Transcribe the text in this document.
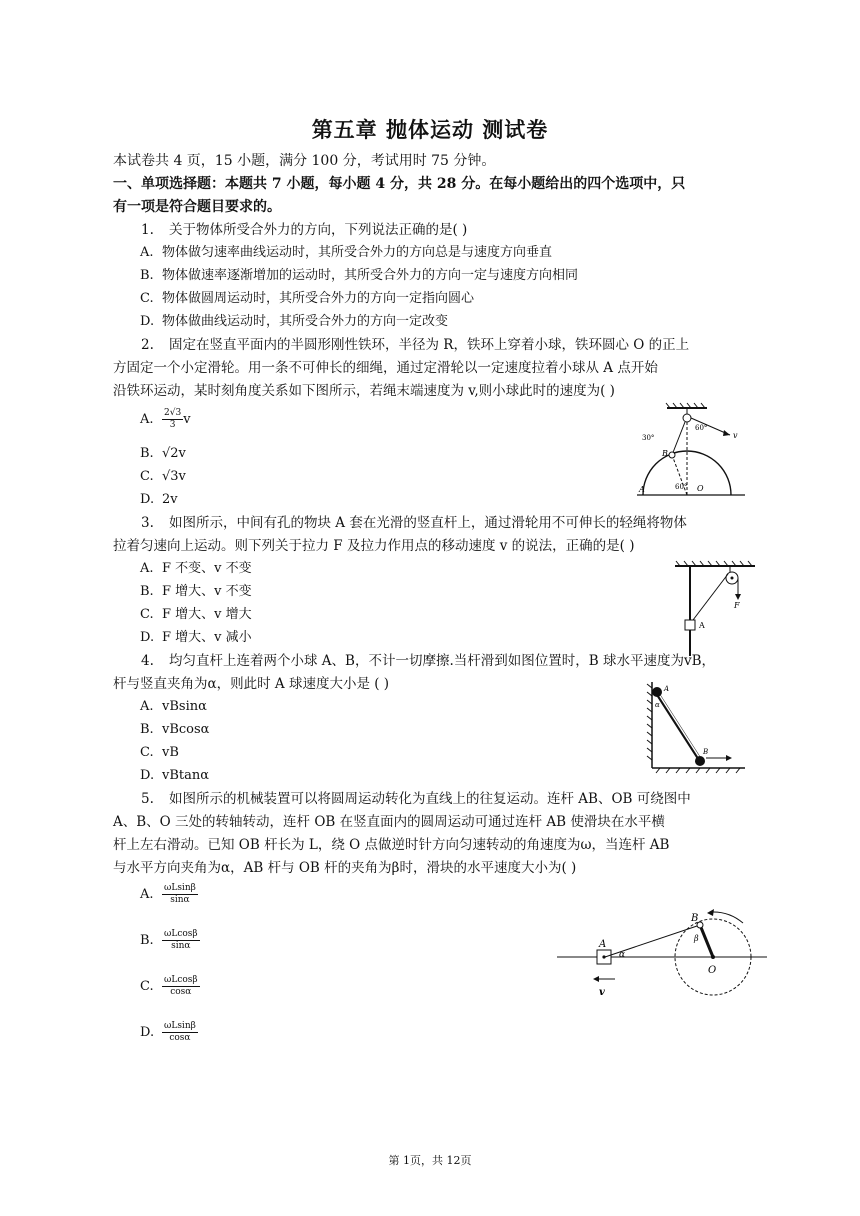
第五章 抛体运动 测试卷
本试卷共 4 页，15 小题，满分 100 分，考试用时 75 分钟。
一、单项选择题：本题共 7 小题，每小题 4 分，共 28 分。在每小题给出的四个选项中，只
有一项是符合题目要求的。
1. 关于物体所受合外力的方向，下列说法正确的是( )
A. 物体做匀速率曲线运动时，其所受合外力的方向总是与速度方向垂直
B. 物体做速率逐渐增加的运动时，其所受合外力的方向一定与速度方向相同
C. 物体做圆周运动时，其所受合外力的方向一定指向圆心
D. 物体做曲线运动时，其所受合外力的方向一定改变
2. 固定在竖直平面内的半圆形刚性铁环，半径为 R，铁环上穿着小球，铁环圆心 O 的正上
方固定一个小定滑轮。用一条不可伸长的细绳，通过定滑轮以一定速度拉着小球从 A 点开始
沿铁环运动，某时刻角度关系如下图所示，若绳末端速度为 v,则小球此时的速度为( )
A. $\frac{2√3}{3}$ v
B. √2v
C. √3v
D. 2v
30°
60°
v
B
A	O
60°
3. 如图所示，中间有孔的物块 A 套在光滑的竖直杆上，通过滑轮用不可伸长的轻绳将物体
拉着匀速向上运动。则下列关于拉力 F 及拉力作用点的移动速度 v 的说法，正确的是( )
A. F 不变、v 不变
B. F 增大、v 不变
C. F 增大、v 增大
D. F 增大、v 减小
F
A
4. 均匀直杆上连着两个小球 A、B，不计一切摩擦.当杆滑到如图位置时，B 球水平速度为vB，
杆与竖直夹角为α，则此时 A 球速度大小是 ( )
A. vBsinα
B. vBcosα
C. vB
D. vBtanα
A
α
B
5. 如图所示的机械装置可以将圆周运动转化为直线上的往复运动。连杆 AB、OB 可绕图中
A、B、O 三处的转轴转动，连杆 OB 在竖直面内的圆周运动可通过连杆 AB 使滑块在水平横
杆上左右滑动。已知 OB 杆长为 L，绕 O 点做逆时针方向匀速转动的角速度为ω，当连杆 AB
与水平方向夹角为α，AB 杆与 OB 杆的夹角为β时，滑块的水平速度大小为( )
A. $\frac{\omega Lsin\beta}{\sin\alpha}$
B. $\frac{\omega Lcos\beta}{\sin\alpha}$
C. $\frac{\omega Lcos\beta}{\cos\alpha}$
D. $\frac{\omega Lsin\beta}{\cos\alpha}$
A
α
B
β
O
v
第 1页，共 12页
